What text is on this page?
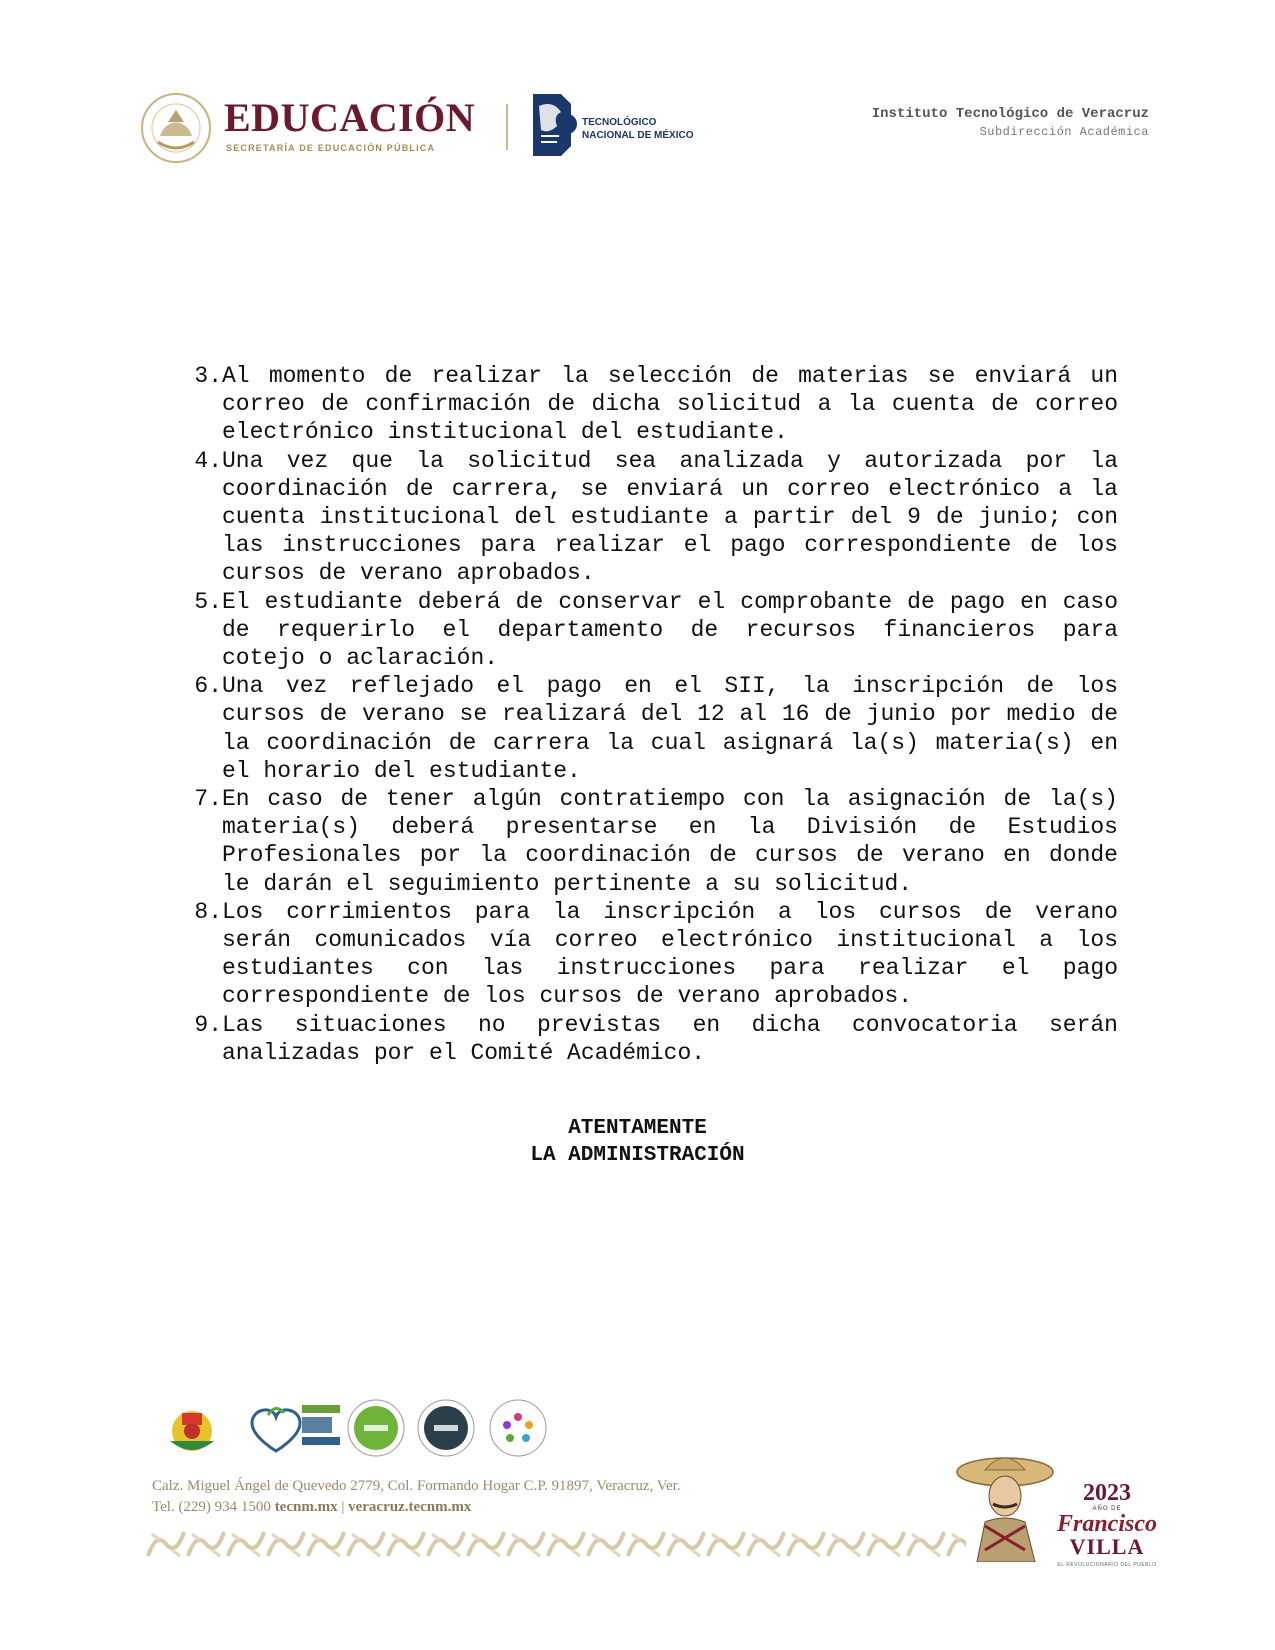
EDUCACIÓN
SECRETARÍA DE EDUCACIÓN PÚBLICA
TECNOLÓGICO
NACIONAL DE MÉXICO
Instituto Tecnológico de Veracruz
Subdirección Académica
3. Al momento de realizar la selección de materias se enviará un correo de confirmación de dicha solicitud a la cuenta de correo electrónico institucional del estudiante.
4. Una vez que la solicitud sea analizada y autorizada por la coordinación de carrera, se enviará un correo electrónico a la cuenta institucional del estudiante a partir del 9 de junio; con las instrucciones para realizar el pago correspondiente de los cursos de verano aprobados.
5. El estudiante deberá de conservar el comprobante de pago en caso de requerirlo el departamento de recursos financieros para cotejo o aclaración.
6. Una vez reflejado el pago en el SII, la inscripción de los cursos de verano se realizará del 12 al 16 de junio por medio de la coordinación de carrera la cual asignará la(s) materia(s) en el horario del estudiante.
7. En caso de tener algún contratiempo con la asignación de la(s) materia(s) deberá presentarse en la División de Estudios Profesionales por la coordinación de cursos de verano en donde le darán el seguimiento pertinente a su solicitud.
8. Los corrimientos para la inscripción a los cursos de verano serán comunicados vía correo electrónico institucional a los estudiantes con las instrucciones para realizar el pago correspondiente de los cursos de verano aprobados.
9. Las situaciones no previstas en dicha convocatoria serán analizadas por el Comité Académico.
ATENTAMENTE
LA ADMINISTRACIÓN
Calz. Miguel Ángel de Quevedo 2779, Col. Formando Hogar C.P. 91897, Veracruz, Ver.
Tel. (229) 934 1500 tecnm.mx | veracruz.tecnm.mx
2023
AÑO DE
Francisco
VILLA
EL REVOLUCIONARIO DEL PUEBLO
